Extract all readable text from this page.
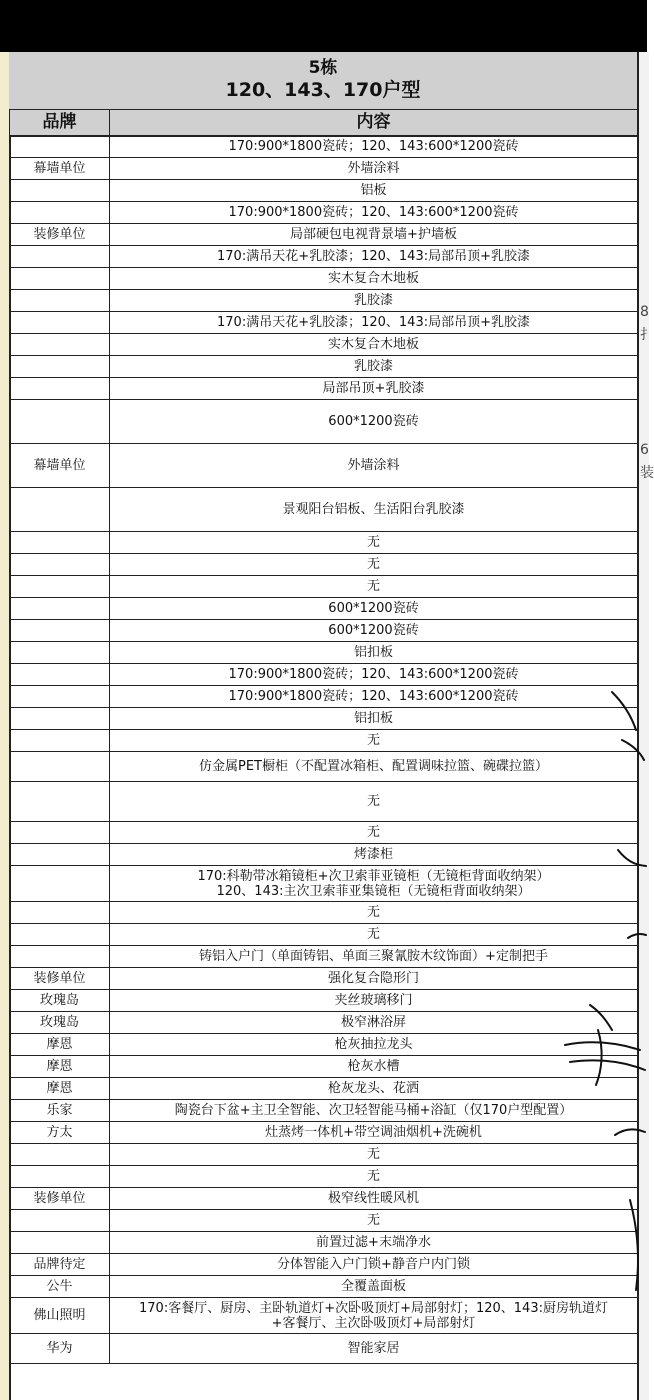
5栋
120、143、170户型
品牌	内容
	170:900*1800瓷砖；120、143:600*1200瓷砖
幕墙单位	外墙涂料
	铝板
	170:900*1800瓷砖；120、143:600*1200瓷砖
装修单位	局部硬包电视背景墙+护墙板
	170:满吊天花+乳胶漆；120、143:局部吊顶+乳胶漆
	实木复合木地板
	乳胶漆
	170:满吊天花+乳胶漆；120、143:局部吊顶+乳胶漆
	实木复合木地板
	乳胶漆
	局部吊顶+乳胶漆
	600*1200瓷砖
幕墙单位	外墙涂料
	景观阳台铝板、生活阳台乳胶漆
	无
	无
	无
	600*1200瓷砖
	600*1200瓷砖
	铝扣板
	170:900*1800瓷砖；120、143:600*1200瓷砖
	170:900*1800瓷砖；120、143:600*1200瓷砖
	铝扣板
	无
	仿金属PET橱柜（不配置冰箱柜、配置调味拉篮、碗碟拉篮）
	无
	无
	烤漆柜
	170:科勒带冰箱镜柜+次卫索菲亚镜柜（无镜柜背面收纳架）
120、143:主次卫索菲亚集镜柜（无镜柜背面收纳架）
	无
	无
	铸铝入户门（单面铸铝、单面三聚氰胺木纹饰面）+定制把手
装修单位	强化复合隐形门
玫瑰岛	夹丝玻璃移门
玫瑰岛	极窄淋浴屏
摩恩	枪灰抽拉龙头
摩恩	枪灰水槽
摩恩	枪灰龙头、花洒
乐家	陶瓷台下盆+主卫全智能、次卫轻智能马桶+浴缸（仅170户型配置）
方太	灶蒸烤一体机+带空调油烟机+洗碗机
	无
	无
装修单位	极窄线性暖风机
	无
	前置过滤+末端净水
品牌待定	分体智能入户门锁+静音户内门锁
公牛	全覆盖面板
佛山照明	170:客餐厅、厨房、主卧轨道灯+次卧吸顶灯+局部射灯；120、143:厨房轨道灯
+客餐厅、主次卧吸顶灯+局部射灯
华为	智能家居
8
扌
6
装
